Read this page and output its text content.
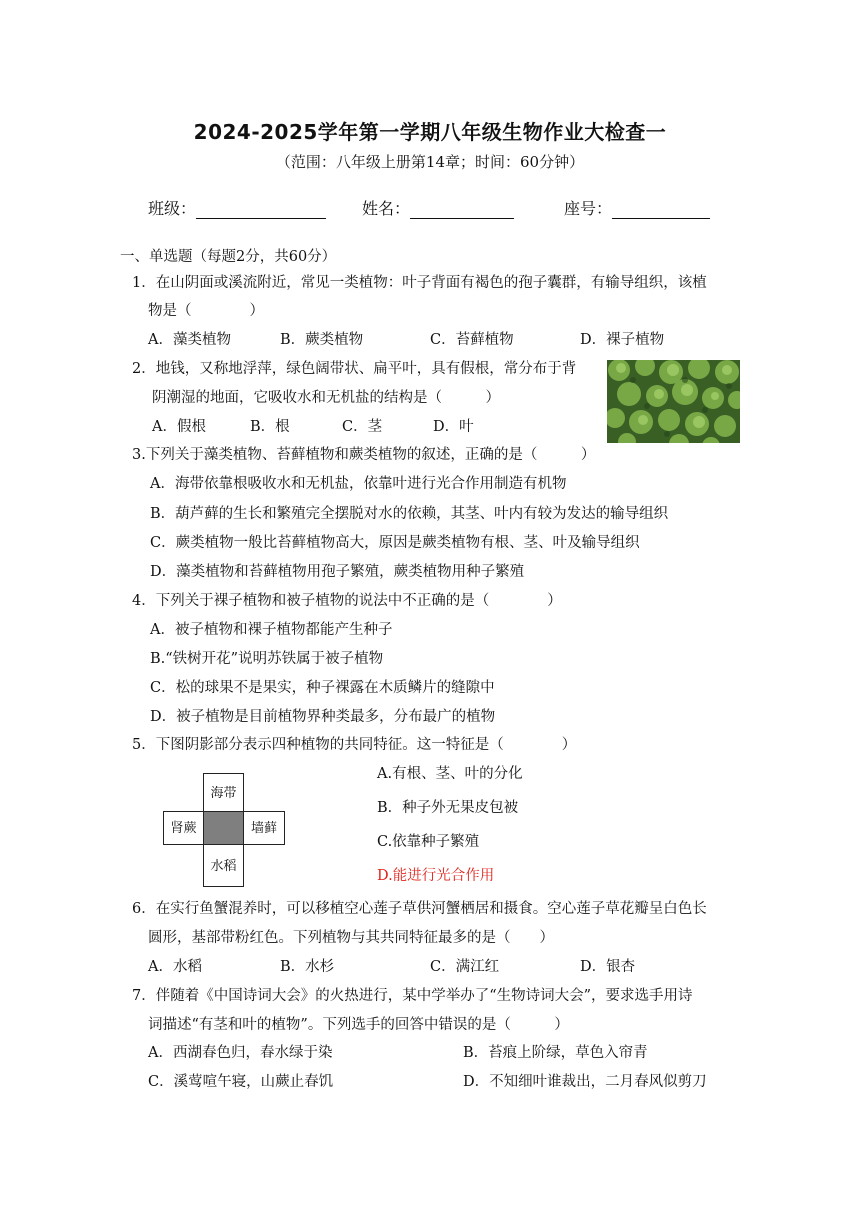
2024-2025学年第一学期八年级生物作业大检查一
（范围：八年级上册第14章；时间：60分钟）
班级：	姓名：	座号：
一、单选题（每题2分，共60分）
1．在山阴面或溪流附近，常见一类植物：叶子背面有褐色的孢子囊群，有输导组织，该植
物是（　　　　）
A．藻类植物	B．蕨类植物	C．苔藓植物	D．裸子植物
2．地钱，又称地浮萍，绿色阔带状、扁平叶，具有假根，常分布于背
阴潮湿的地面，它吸收水和无机盐的结构是（　　　）
A．假根	B．根	C．茎	D．叶
3.下列关于藻类植物、苔藓植物和蕨类植物的叙述，正确的是（　　　）
A．海带依靠根吸收水和无机盐，依靠叶进行光合作用制造有机物
B．葫芦藓的生长和繁殖完全摆脱对水的依赖，其茎、叶内有较为发达的输导组织
C．蕨类植物一般比苔藓植物高大，原因是蕨类植物有根、茎、叶及输导组织
D．藻类植物和苔藓植物用孢子繁殖，蕨类植物用种子繁殖
4．下列关于裸子植物和被子植物的说法中不正确的是（　　　　）
A．被子植物和裸子植物都能产生种子
B.“铁树开花”说明苏铁属于被子植物
C．松的球果不是果实，种子裸露在木质鳞片的缝隙中
D．被子植物是目前植物界种类最多，分布最广的植物
5．下图阴影部分表示四种植物的共同特征。这一特征是（　　　　）
海带
肾蕨	墙藓
水稻
A.有根、茎、叶的分化
B．种子外无果皮包被
C.依靠种子繁殖
D.能进行光合作用
6．在实行鱼蟹混养时，可以移植空心莲子草供河蟹栖居和摄食。空心莲子草花瓣呈白色长
圆形，基部带粉红色。下列植物与其共同特征最多的是（　　）
A．水稻	B．水杉	C．满江红	D．银杏
7．伴随着《中国诗词大会》的火热进行，某中学举办了“生物诗词大会”，要求选手用诗
词描述“有茎和叶的植物”。下列选手的回答中错误的是（　　　）
A．西湖春色归，春水绿于染	B．苔痕上阶绿，草色入帘青
C．溪莺喧午寝，山蕨止春饥	D．不知细叶谁裁出，二月春风似剪刀
